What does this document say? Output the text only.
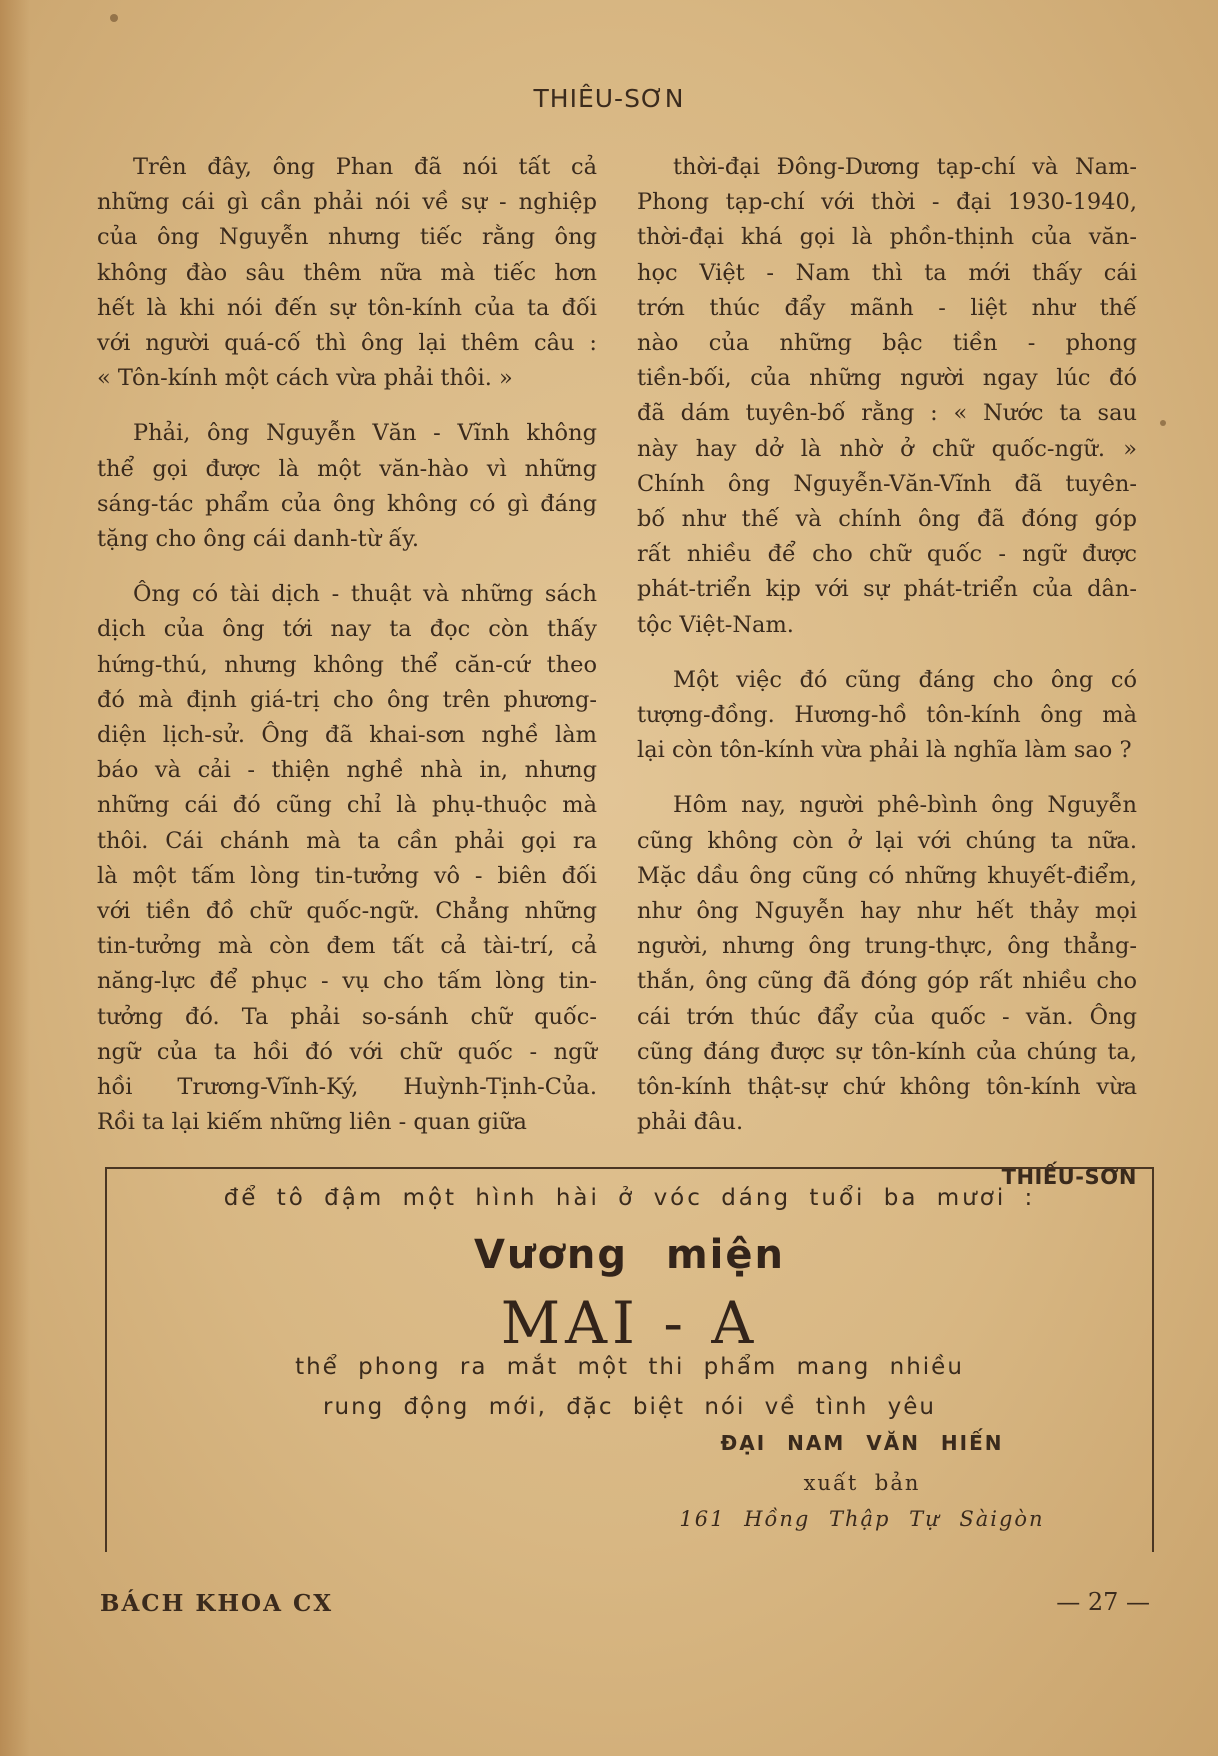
THIÊU-SƠN

Trên đây, ông Phan đã nói tất cả
những cái gì cần phải nói về sự - nghiệp
của ông Nguyễn nhưng tiếc rằng ông
không đào sâu thêm nữa mà tiếc hơn
hết là khi nói đến sự tôn-kính của ta đối
với người quá-cố thì ông lại thêm câu :
« Tôn-kính một cách vừa phải thôi. »

Phải, ông Nguyễn Văn - Vĩnh không
thể gọi được là một văn-hào vì những
sáng-tác phẩm của ông không có gì đáng
tặng cho ông cái danh-từ ấy.

Ông có tài dịch - thuật và những sách
dịch của ông tới nay ta đọc còn thấy
hứng-thú, nhưng không thể căn-cứ theo
đó mà định giá-trị cho ông trên phương-
diện lịch-sử. Ông đã khai-sơn nghề làm
báo và cải - thiện nghề nhà in, nhưng
những cái đó cũng chỉ là phụ-thuộc mà
thôi. Cái chánh mà ta cần phải gọi ra
là một tấm lòng tin-tưởng vô - biên đối
với tiền đồ chữ quốc-ngữ. Chẳng những
tin-tưởng mà còn đem tất cả tài-trí, cả
năng-lực để phục - vụ cho tấm lòng tin-
tưởng đó. Ta phải so-sánh chữ quốc-
ngữ của ta hồi đó với chữ quốc - ngữ
hồi Trương-Vĩnh-Ký, Huỳnh-Tịnh-Của.
Rồi ta lại kiếm những liên - quan giữa

thời-đại Đông-Dương tạp-chí và Nam-
Phong tạp-chí với thời - đại 1930-1940,
thời-đại khá gọi là phồn-thịnh của văn-
học Việt - Nam thì ta mới thấy cái
trớn thúc đẩy mãnh - liệt như thế
nào của những bậc tiền - phong
tiền-bối, của những người ngay lúc đó
đã dám tuyên-bố rằng : « Nước ta sau
này hay dở là nhờ ở chữ quốc-ngữ. »
Chính ông Nguyễn-Văn-Vĩnh đã tuyên-
bố như thế và chính ông đã đóng góp
rất nhiều để cho chữ quốc - ngữ được
phát-triển kịp với sự phát-triển của dân-
tộc Việt-Nam.

Một việc đó cũng đáng cho ông có
tượng-đồng. Hương-hồ tôn-kính ông mà
lại còn tôn-kính vừa phải là nghĩa làm sao ?

Hôm nay, người phê-bình ông Nguyễn
cũng không còn ở lại với chúng ta nữa.
Mặc dầu ông cũng có những khuyết-điểm,
như ông Nguyễn hay như hết thảy mọi
người, nhưng ông trung-thực, ông thẳng-
thắn, ông cũng đã đóng góp rất nhiều cho
cái trớn thúc đẩy của quốc - văn. Ông
cũng đáng được sự tôn-kính của chúng ta,
tôn-kính thật-sự chứ không tôn-kính vừa
phải đâu.

THIẾU-SƠN
để tô đậm một hình hài ở vóc dáng tuổi ba mươi :
Vương miện
MAI - A
thể phong ra mắt một thi phẩm mang nhiều
rung động mới, đặc biệt nói về tình yêu
ĐẠI NAM VĂN HIẾN
xuất bản
161 Hồng Thập Tự Sàigòn
BÁCH KHOA CX	— 27 —
